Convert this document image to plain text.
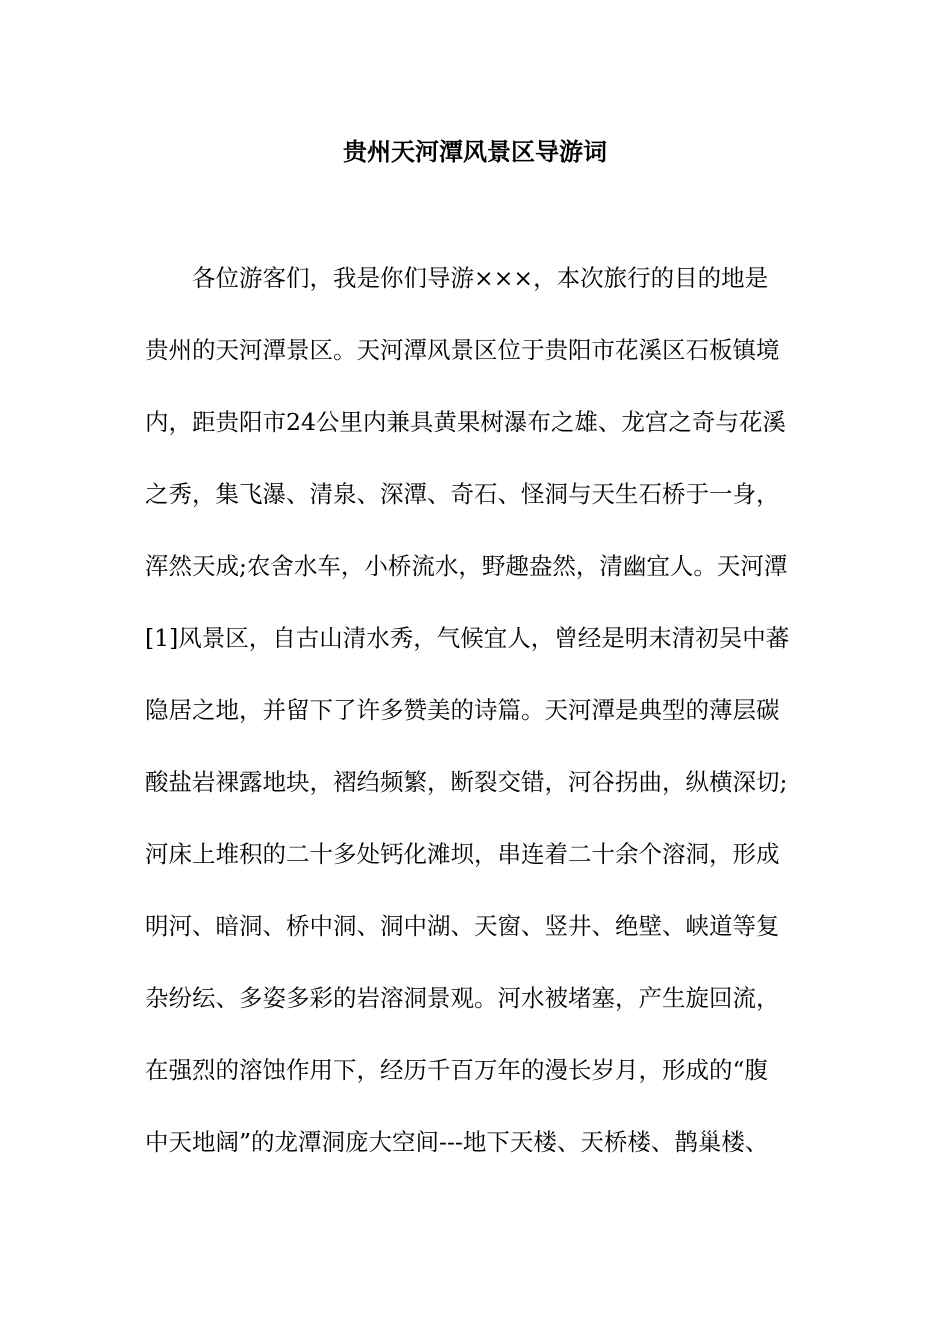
贵州天河潭风景区导游词
各位游客们，我是你们导游×××，本次旅行的目的地是
贵州的天河潭景区。天河潭风景区位于贵阳市花溪区石板镇境
内，距贵阳市24公里内兼具黄果树瀑布之雄、龙宫之奇与花溪
之秀，集飞瀑、清泉、深潭、奇石、怪洞与天生石桥于一身，
浑然天成;农舍水车，小桥流水，野趣盎然，清幽宜人。天河潭
[1]风景区，自古山清水秀，气候宜人，曾经是明末清初吴中蕃
隐居之地，并留下了许多赞美的诗篇。天河潭是典型的薄层碳
酸盐岩裸露地块，褶绉频繁，断裂交错，河谷拐曲，纵横深切;
河床上堆积的二十多处钙化滩坝，串连着二十余个溶洞，形成
明河、暗洞、桥中洞、洞中湖、天窗、竖井、绝壁、峡道等复
杂纷纭、多姿多彩的岩溶洞景观。河水被堵塞，产生旋回流，
在强烈的溶蚀作用下，经历千百万年的漫长岁月，形成的“腹
中天地阔”的龙潭洞庞大空间---地下天楼、天桥楼、鹊巢楼、
